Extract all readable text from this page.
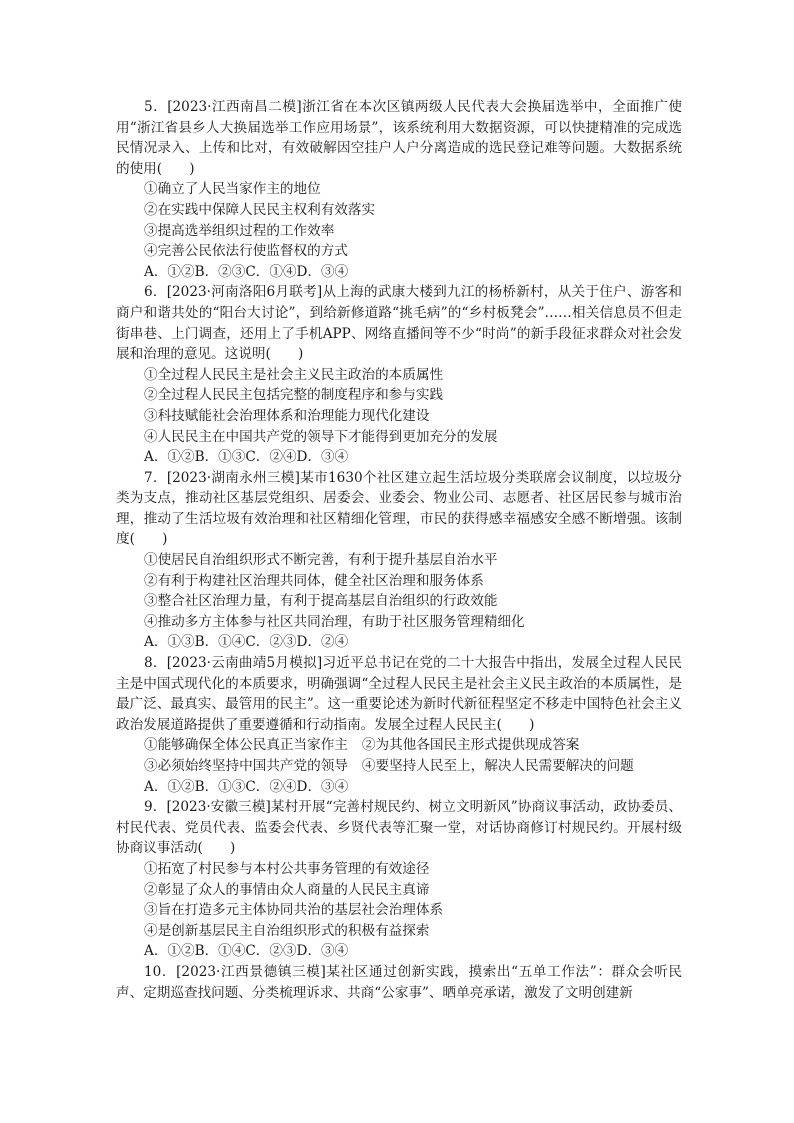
5．[2023·江西南昌二模]浙江省在本次区镇两级人民代表大会换届选举中，全面推广使用“浙江省县乡人大换届选举工作应用场景”，该系统利用大数据资源，可以快捷精准的完成选民情况录入、上传和比对，有效破解因空挂户人户分离造成的选民登记难等问题。大数据系统的使用(　　)

①确立了人民当家作主的地位

②在实践中保障人民民主权利有效落实

③提高选举组织过程的工作效率

④完善公民依法行使监督权的方式

A．①②B．②③C．①④D．③④

6．[2023·河南洛阳6月联考]从上海的武康大楼到九江的杨桥新村，从关于住户、游客和商户和谐共处的“阳台大讨论”，到给新修道路“挑毛病”的“乡村板凳会”……相关信息员不但走街串巷、上门调查，还用上了手机APP、网络直播间等不少“时尚”的新手段征求群众对社会发展和治理的意见。这说明(　　)

①全过程人民民主是社会主义民主政治的本质属性

②全过程人民民主包括完整的制度程序和参与实践

③科技赋能社会治理体系和治理能力现代化建设

④人民民主在中国共产党的领导下才能得到更加充分的发展

A．①②B．①③C．②④D．③④

7．[2023·湖南永州三模]某市1630个社区建立起生活垃圾分类联席会议制度，以垃圾分类为支点，推动社区基层党组织、居委会、业委会、物业公司、志愿者、社区居民参与城市治理，推动了生活垃圾有效治理和社区精细化管理，市民的获得感幸福感安全感不断增强。该制度(　　)

①使居民自治组织形式不断完善，有利于提升基层自治水平

②有利于构建社区治理共同体，健全社区治理和服务体系

③整合社区治理力量，有利于提高基层自治组织的行政效能

④推动多方主体参与社区共同治理，有助于社区服务管理精细化

A．①③B．①④C．②③D．②④

8．[2023·云南曲靖5月模拟]习近平总书记在党的二十大报告中指出，发展全过程人民民主是中国式现代化的本质要求，明确强调“全过程人民民主是社会主义民主政治的本质属性，是最广泛、最真实、最管用的民主”。这一重要论述为新时代新征程坚定不移走中国特色社会主义政治发展道路提供了重要遵循和行动指南。发展全过程人民民主(　　)

①能够确保全体公民真正当家作主 ②为其他各国民主形式提供现成答案

③必须始终坚持中国共产党的领导 ④要坚持人民至上，解决人民需要解决的问题

A．①②B．①③C．②④D．③④

9．[2023·安徽三模]某村开展“完善村规民约、树立文明新风”协商议事活动，政协委员、村民代表、党员代表、监委会代表、乡贤代表等汇聚一堂，对话协商修订村规民约。开展村级协商议事活动(　　)

①拓宽了村民参与本村公共事务管理的有效途径

②彰显了众人的事情由众人商量的人民民主真谛

③旨在打造多元主体协同共治的基层社会治理体系

④是创新基层民主自治组织形式的积极有益探索

A．①②B．①④C．②③D．③④

10．[2023·江西景德镇三模]某社区通过创新实践，摸索出“五单工作法”：群众会听民声、定期巡查找问题、分类梳理诉求、共商“公家事”、晒单亮承诺，激发了文明创建新
